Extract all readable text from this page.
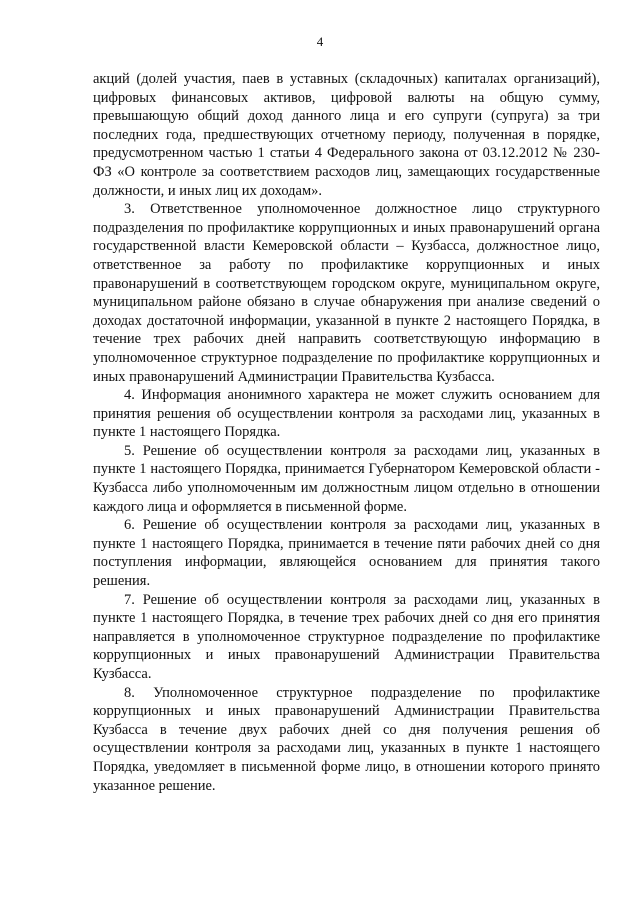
4

акций (долей участия, паев в уставных (складочных) капиталах организаций), цифровых финансовых активов, цифровой валюты на общую сумму, превышающую общий доход данного лица и его супруги (супруга) за три последних года, предшествующих отчетному периоду, полученная в порядке, предусмотренном частью 1 статьи 4 Федерального закона от 03.12.2012 № 230-ФЗ «О контроле за соответствием расходов лиц, замещающих государственные должности, и иных лиц их доходам».

3. Ответственное уполномоченное должностное лицо структурного подразделения по профилактике коррупционных и иных правонарушений органа государственной власти Кемеровской области – Кузбасса, должностное лицо, ответственное за работу по профилактике коррупционных и иных правонарушений в соответствующем городском округе, муниципальном округе, муниципальном районе обязано в случае обнаружения при анализе сведений о доходах достаточной информации, указанной в пункте 2 настоящего Порядка, в течение трех рабочих дней направить соответствующую информацию в уполномоченное структурное подразделение по профилактике коррупционных и иных правонарушений Администрации Правительства Кузбасса.

4. Информация анонимного характера не может служить основанием для принятия решения об осуществлении контроля за расходами лиц, указанных в пункте 1 настоящего Порядка.

5. Решение об осуществлении контроля за расходами лиц, указанных в пункте 1 настоящего Порядка, принимается Губернатором Кемеровской области - Кузбасса либо уполномоченным им должностным лицом отдельно в отношении каждого лица и оформляется в письменной форме.

6. Решение об осуществлении контроля за расходами лиц, указанных в пункте 1 настоящего Порядка, принимается в течение пяти рабочих дней со дня поступления информации, являющейся основанием для принятия такого решения.

7. Решение об осуществлении контроля за расходами лиц, указанных в пункте 1 настоящего Порядка, в течение трех рабочих дней со дня его принятия направляется в уполномоченное структурное подразделение по профилактике коррупционных и иных правонарушений Администрации Правительства Кузбасса.

8. Уполномоченное структурное подразделение по профилактике коррупционных и иных правонарушений Администрации Правительства Кузбасса в течение двух рабочих дней со дня получения решения об осуществлении контроля за расходами лиц, указанных в пункте 1 настоящего Порядка, уведомляет в письменной форме лицо, в отношении которого принято указанное решение.
